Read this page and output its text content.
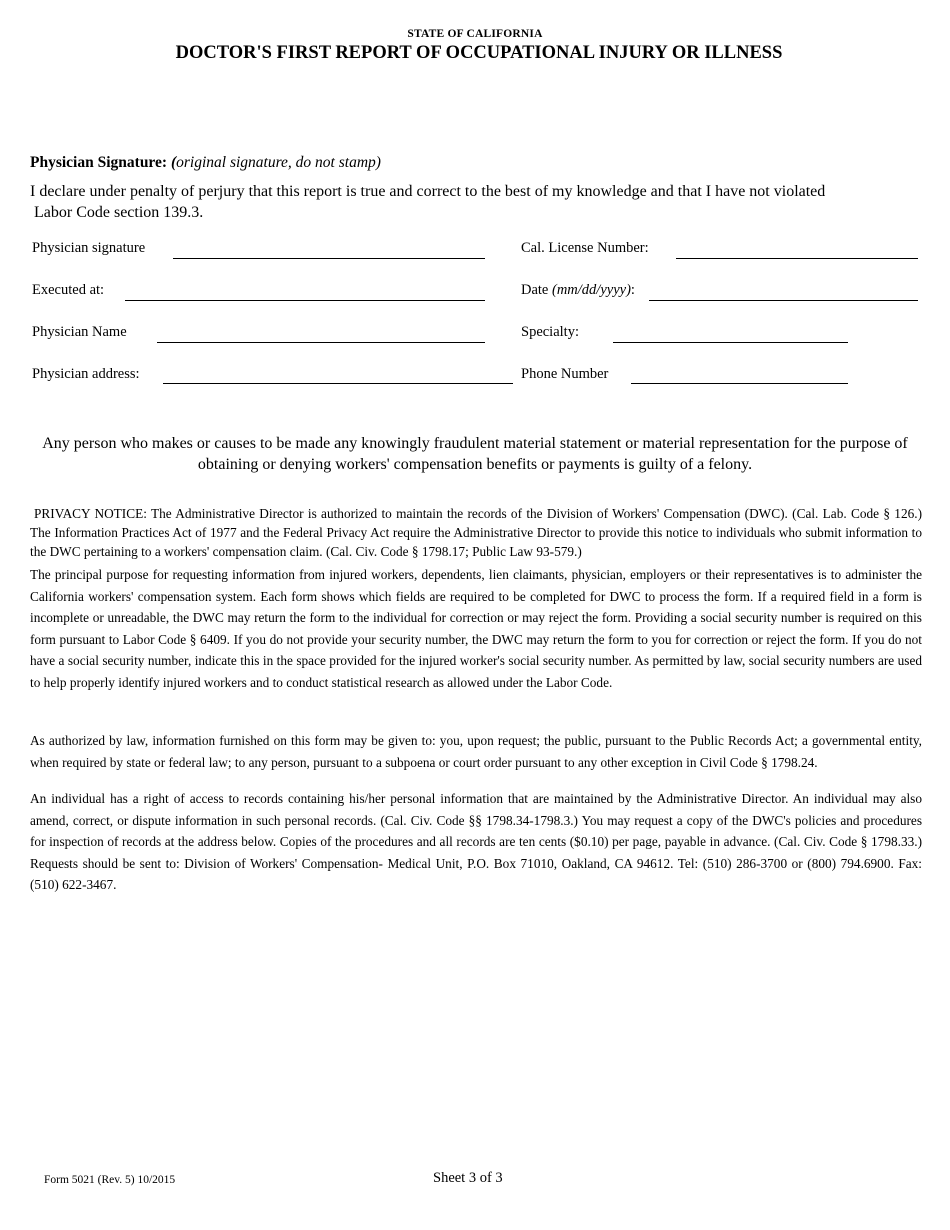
STATE OF CALIFORNIA
DOCTOR'S FIRST REPORT OF OCCUPATIONAL INJURY OR ILLNESS
Physician Signature: (original signature, do not stamp)
I declare under penalty of perjury that this report is true and correct to the best of my knowledge and that I have not violated
Labor Code section 139.3.
Physician signature	Cal. License Number:
Executed at:	Date (mm/dd/yyyy):
Physician Name	Specialty:
Physician address:	Phone Number
Any person who makes or causes to be made any knowingly fraudulent material statement or material representation for the purpose of obtaining or denying workers' compensation benefits or payments is guilty of a felony.
PRIVACY NOTICE: The Administrative Director is authorized to maintain the records of the Division of Workers' Compensation (DWC). (Cal. Lab. Code § 126.) The Information Practices Act of 1977 and the Federal Privacy Act require the Administrative Director to provide this notice to individuals who submit information to the DWC pertaining to a workers' compensation claim. (Cal. Civ. Code § 1798.17; Public Law 93-579.)
The principal purpose for requesting information from injured workers, dependents, lien claimants, physician, employers or their representatives is to administer the California workers' compensation system. Each form shows which fields are required to be completed for DWC to process the form. If a required field in a form is incomplete or unreadable, the DWC may return the form to the individual for correction or may reject the form. Providing a social security number is required on this form pursuant to Labor Code § 6409. If you do not provide your security number, the DWC may return the form to you for correction or reject the form. If you do not have a social security number, indicate this in the space provided for the injured worker's social security number. As permitted by law, social security numbers are used to help properly identify injured workers and to conduct statistical research as allowed under the Labor Code.
As authorized by law, information furnished on this form may be given to: you, upon request; the public, pursuant to the Public Records Act; a governmental entity, when required by state or federal law; to any person, pursuant to a subpoena or court order pursuant to any other exception in Civil Code § 1798.24.
An individual has a right of access to records containing his/her personal information that are maintained by the Administrative Director. An individual may also amend, correct, or dispute information in such personal records. (Cal. Civ. Code §§ 1798.34-1798.3.) You may request a copy of the DWC's policies and procedures for inspection of records at the address below. Copies of the procedures and all records are ten cents ($0.10) per page, payable in advance. (Cal. Civ. Code § 1798.33.) Requests should be sent to: Division of Workers' Compensation- Medical Unit, P.O. Box 71010, Oakland, CA 94612. Tel: (510) 286-3700 or (800) 794.6900. Fax: (510) 622-3467.
Form 5021 (Rev. 5) 10/2015	Sheet 3 of 3
